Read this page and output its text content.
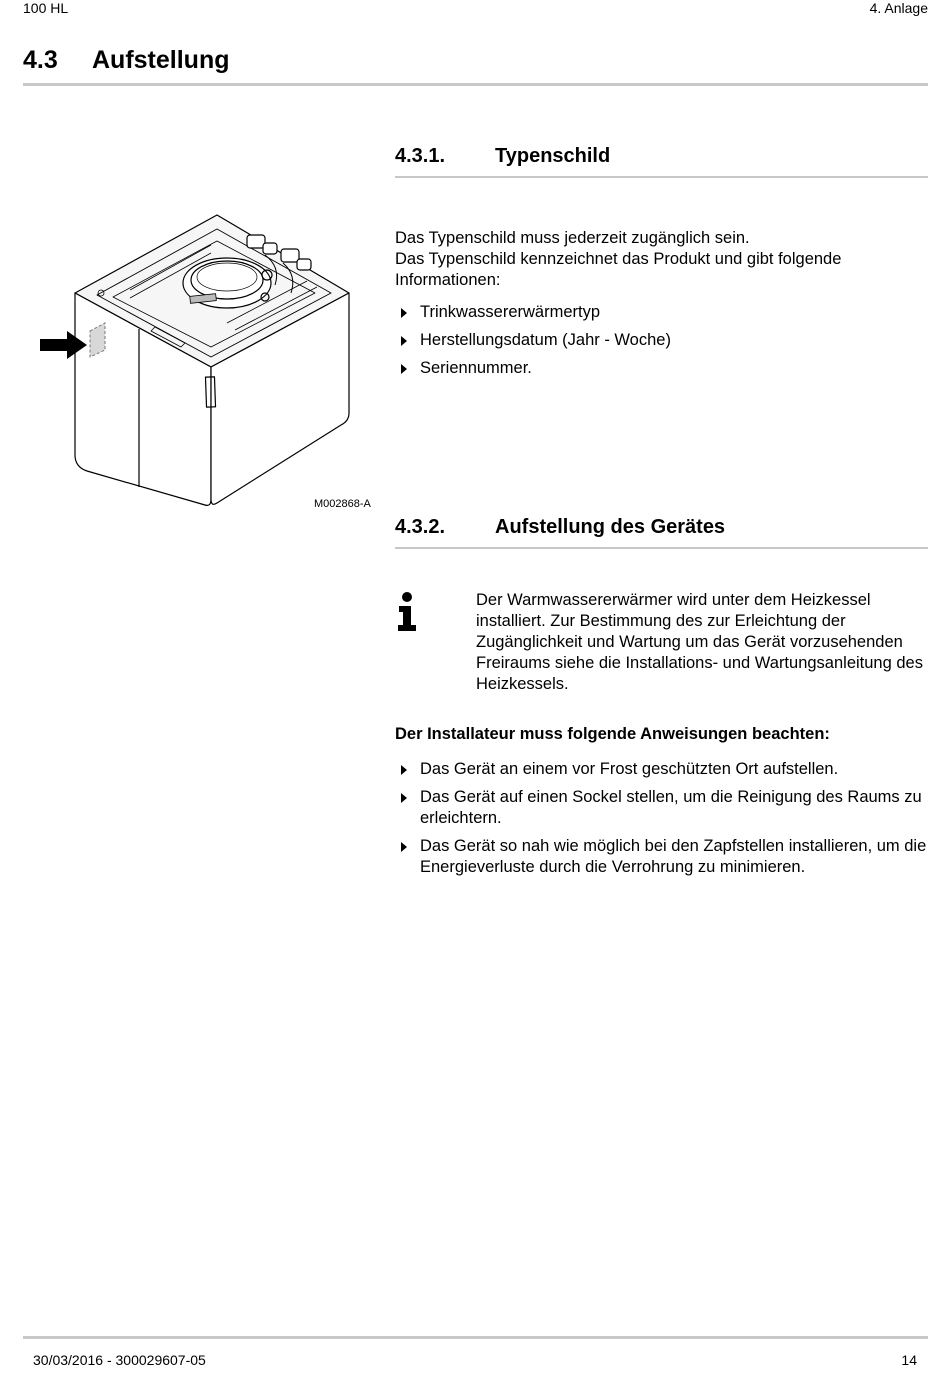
100 HL	4. Anlage
4.3 Aufstellung
4.3.1. Typenschild
Das Typenschild muss jederzeit zugänglich sein.
Das Typenschild kennzeichnet das Produkt und gibt folgende Informationen:
Trinkwassererwärmertyp
Herstellungsdatum (Jahr - Woche)
Seriennummer.
M002868-A
4.3.2. Aufstellung des Gerätes
Der Warmwassererwärmer wird unter dem Heizkessel installiert. Zur Bestimmung des zur Erleichtung der Zugänglichkeit und Wartung um das Gerät vorzusehenden Freiraums siehe die Installations- und Wartungsanleitung des Heizkessels.
Der Installateur muss folgende Anweisungen beachten:
Das Gerät an einem vor Frost geschützten Ort aufstellen.
Das Gerät auf einen Sockel stellen, um die Reinigung des Raums zu erleichtern.
Das Gerät so nah wie möglich bei den Zapfstellen installieren, um die Energieverluste durch die Verrohrung zu minimieren.
30/03/2016 - 300029607-05	14
